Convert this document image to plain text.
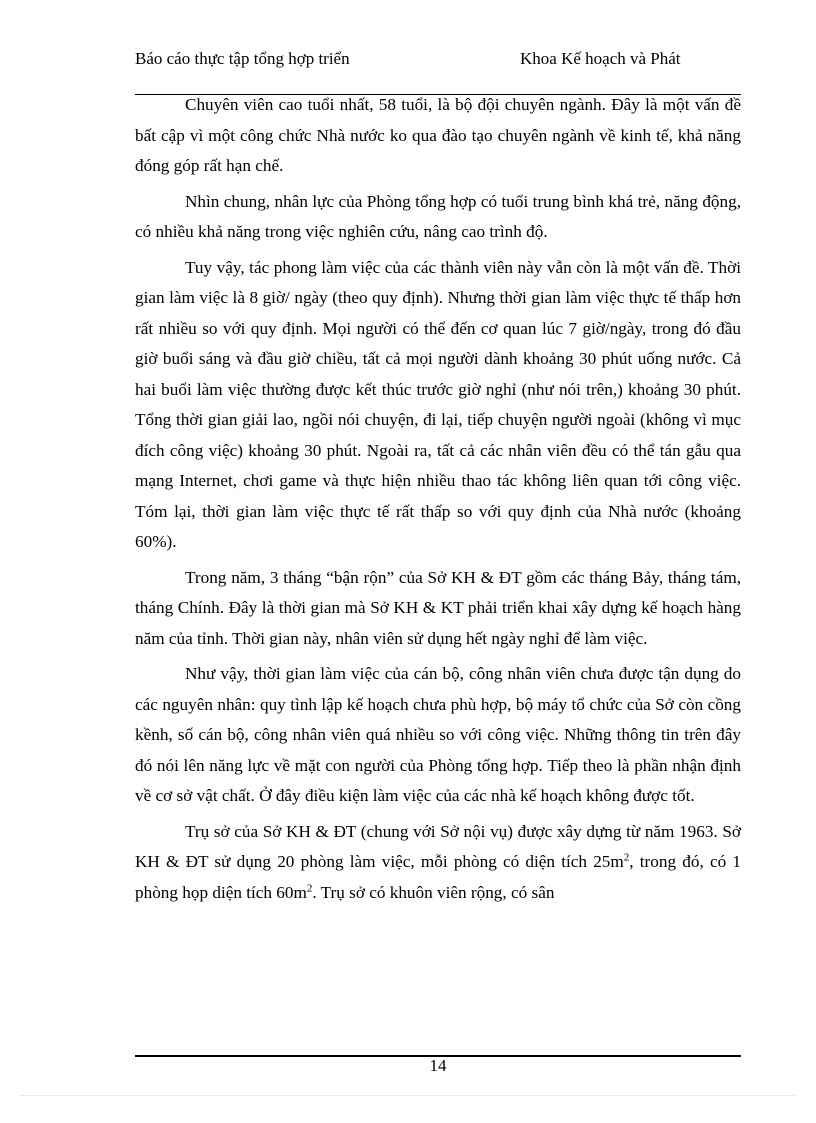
Báo cáo thực tập tổng hợp triển	Khoa Kế hoạch và Phát

Chuyên viên cao tuổi nhất, 58 tuổi, là bộ đội chuyên ngành. Đây là một vấn đề bất cập vì một công chức Nhà nước ko qua đào tạo chuyên ngành về kinh tế, khả năng đóng góp rất hạn chế.

Nhìn chung, nhân lực của Phòng tổng hợp có tuổi trung bình khá trẻ, năng động, có nhiều khả năng trong việc nghiên cứu, nâng cao trình độ.

Tuy vậy, tác phong làm việc của các thành viên này vẫn còn là một vấn đề. Thời gian làm việc là 8 giờ/ ngày (theo quy định). Nhưng thời gian làm việc thực tế thấp hơn rất nhiều so với quy định. Mọi người có thể đến cơ quan lúc 7 giờ/ngày, trong đó đầu giờ buổi sáng và đầu giờ chiều, tất cả mọi người dành khoảng 30 phút uống nước. Cả hai buổi làm việc thường được kết thúc trước giờ nghỉ (như nói trên,) khoảng 30 phút. Tổng thời gian giải lao, ngồi nói chuyện, đi lại, tiếp chuyện người ngoài (không vì mục đích công việc) khoảng 30 phút. Ngoài ra, tất cả các nhân viên đều có thể tán gẫu qua mạng Internet, chơi game và thực hiện nhiều thao tác không liên quan tới công việc. Tóm lại, thời gian làm việc thực tế rất thấp so với quy định của Nhà nước (khoảng 60%).

Trong năm, 3 tháng “bận rộn” của Sở KH & ĐT gồm các tháng Bảy, tháng tám, tháng Chính. Đây là thời gian mà Sở KH & KT phải triển khai xây dựng kế hoạch hàng năm của tỉnh. Thời gian này, nhân viên sử dụng hết ngày nghỉ để làm việc.

Như vậy, thời gian làm việc của cán bộ, công nhân viên chưa được tận dụng do các nguyên nhân: quy tình lập kế hoạch chưa phù hợp, bộ máy tổ chức của Sở còn cồng kềnh, số cán bộ, công nhân viên quá nhiều so với công việc. Những thông tin trên đây đó nói lên năng lực về mặt con người của Phòng tổng hợp. Tiếp theo là phần nhận định về cơ sở vật chất. Ở đây điều kiện làm việc của các nhà kế hoạch không được tốt.

Trụ sở của Sở KH & ĐT (chung với Sở nội vụ) được xây dựng từ năm 1963. Sở KH & ĐT sử dụng 20 phòng làm việc, mỗi phòng có diện tích $25m^2$, trong đó, có 1 phòng họp diện tích $60m^2$. Trụ sở có khuôn viên rộng, có sân

14
